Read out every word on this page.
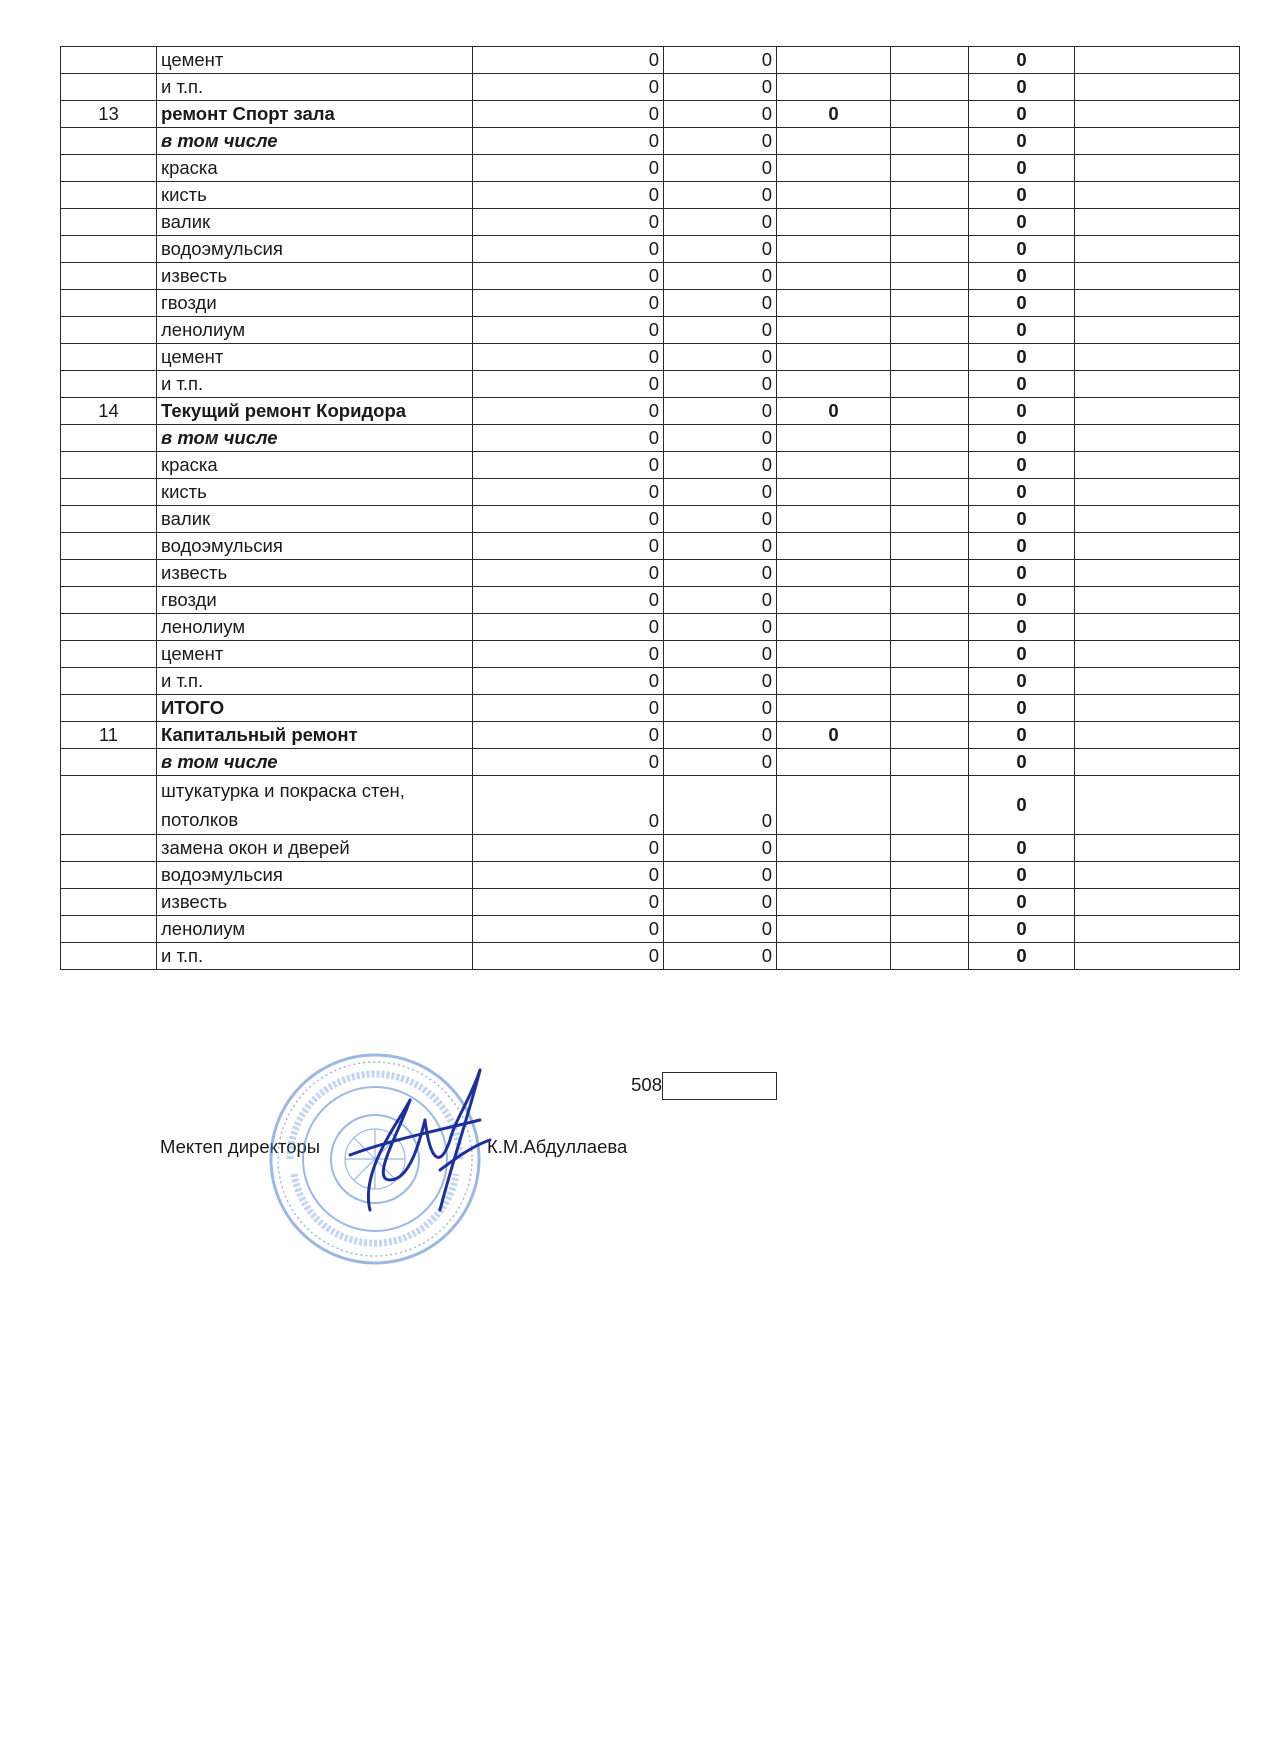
	цемент	0	0			0	
	и т.п.	0	0			0	
13	ремонт Спорт зала	0	0	0		0	
	в том числе	0	0			0	
	краска	0	0			0	
	кисть	0	0			0	
	валик	0	0			0	
	водоэмульсия	0	0			0	
	известь	0	0			0	
	гвозди	0	0			0	
	ленолиум	0	0			0	
	цемент	0	0			0	
	и т.п.	0	0			0	
14	Текущий ремонт Коридора	0	0	0		0	
	в том числе	0	0			0	
	краска	0	0			0	
	кисть	0	0			0	
	валик	0	0			0	
	водоэмульсия	0	0			0	
	известь	0	0			0	
	гвозди	0	0			0	
	ленолиум	0	0			0	
	цемент	0	0			0	
	и т.п.	0	0			0	
	ИТОГО	0	0			0	
11	Капитальный ремонт	0	0	0		0	
	в том числе	0	0			0	
	штукатурка и покраска стен, потолков	0	0			0	
	замена окон и дверей	0	0			0	
	водоэмульсия	0	0			0	
	известь	0	0			0	
	ленолиум	0	0			0	
	и т.п.	0	0			0	
508
Мектеп директоры	К.М.Абдуллаева
